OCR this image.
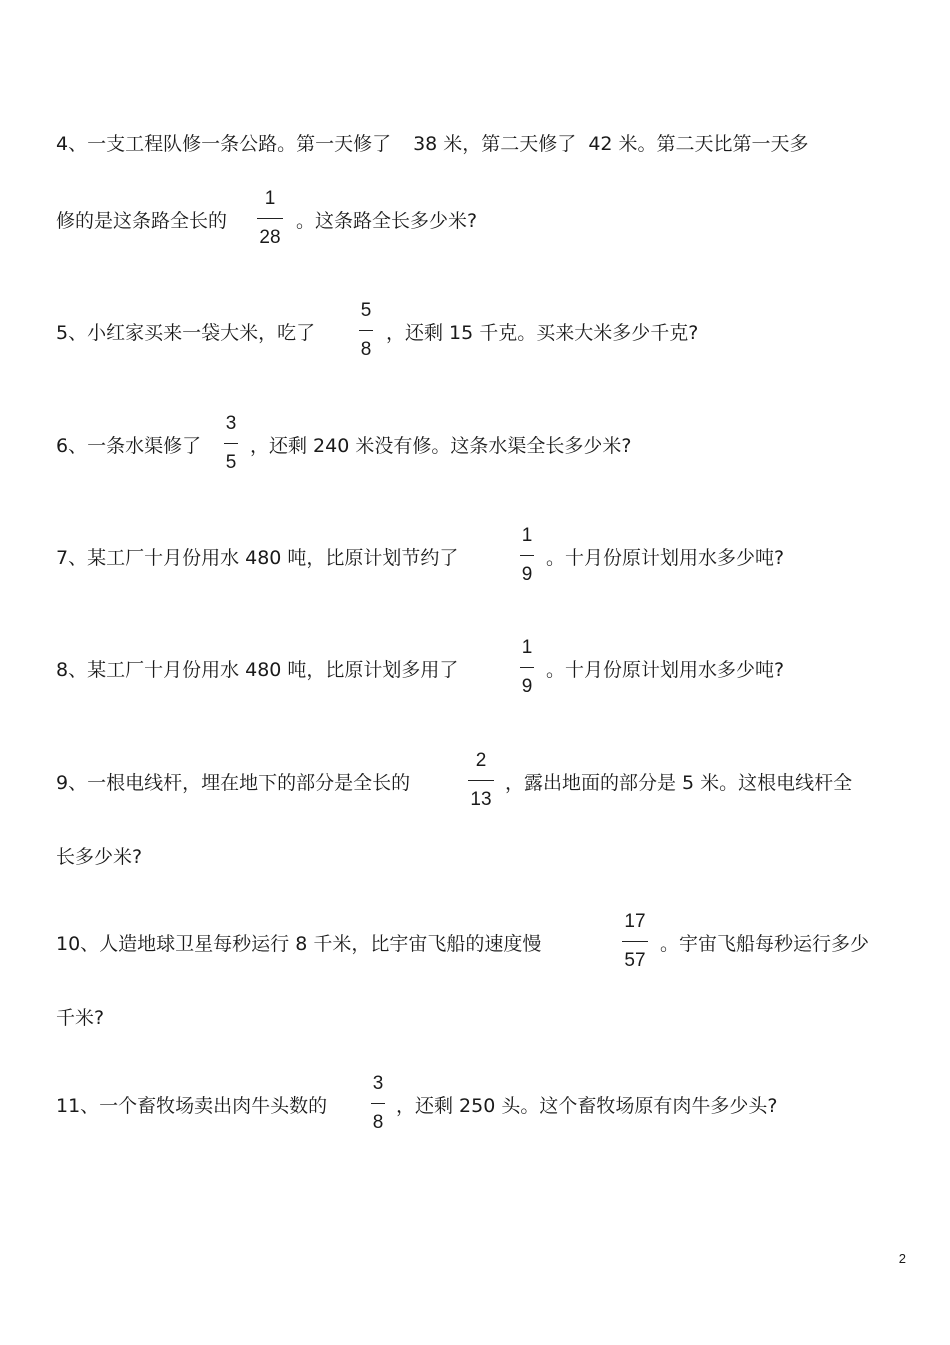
4、一支工程队修一条公路。第一天修了 38 米，第二天修了 42 米。第二天比第一天多
修的是这条路全长的
1
28
。这条路全长多少米?
5、小红家买来一袋大米，吃了
5
8
，还剩 15 千克。买来大米多少千克?
6、一条水渠修了
3
5
，还剩 240 米没有修。这条水渠全长多少米?
7、某工厂十月份用水 480 吨，比原计划节约了
1
9
。十月份原计划用水多少吨?
8、某工厂十月份用水 480 吨，比原计划多用了
1
9
。十月份原计划用水多少吨?
9、一根电线杆，埋在地下的部分是全长的
2
13
，露出地面的部分是 5 米。这根电线杆全
长多少米?
10、人造地球卫星每秒运行 8 千米，比宇宙飞船的速度慢
17
57
。宇宙飞船每秒运行多少
千米?
11、一个畜牧场卖出肉牛头数的
3
8
，还剩 250 头。这个畜牧场原有肉牛多少头?
2
